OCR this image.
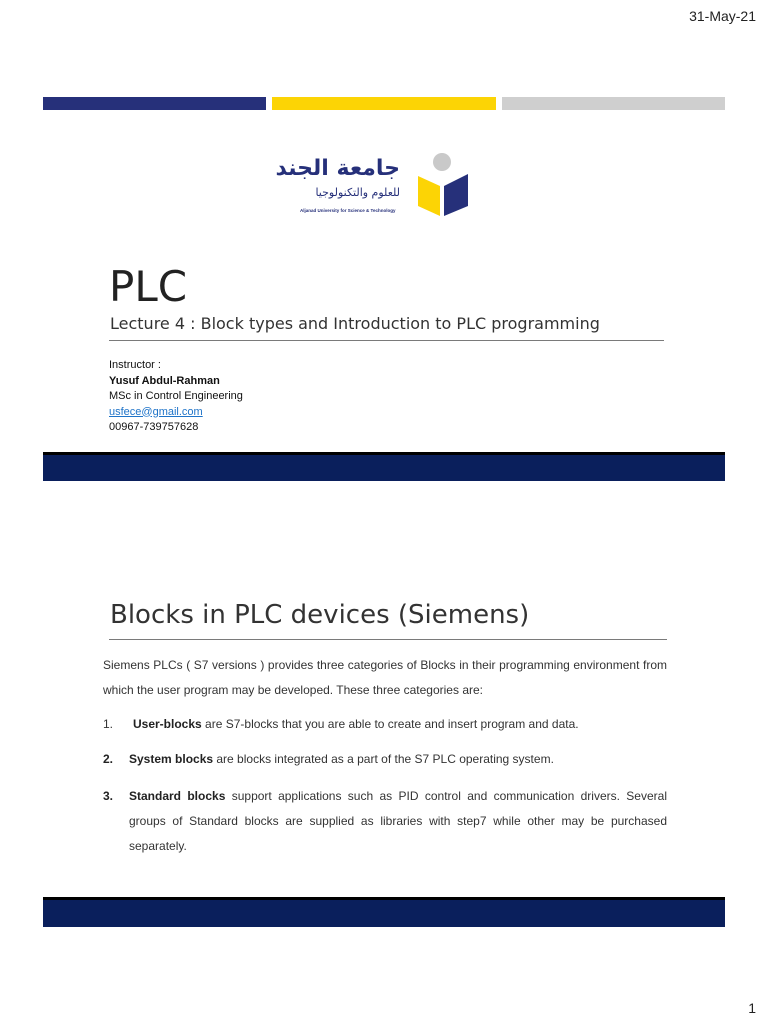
31-May-21
جامعة الجند
للعلوم والتكنولوجيا
Aljanad University for Science & Technology
PLC
Lecture 4 : Block types and Introduction to PLC programming
Instructor :
Yusuf Abdul-Rahman
MSc in Control Engineering
usfece@gmail.com
00967-739757628
Blocks in PLC devices (Siemens)
Siemens PLCs ( S7 versions ) provides three categories of Blocks in their programming environment from which the user program may be developed. These three categories are:
1.	User-blocks are S7-blocks that you are able to create and insert program and data.
2. System blocks are blocks integrated as a part of the S7 PLC operating system.
3. Standard blocks support applications such as PID control and communication drivers. Several groups of Standard blocks are supplied as libraries with step7 while other may be purchased separately.
1
